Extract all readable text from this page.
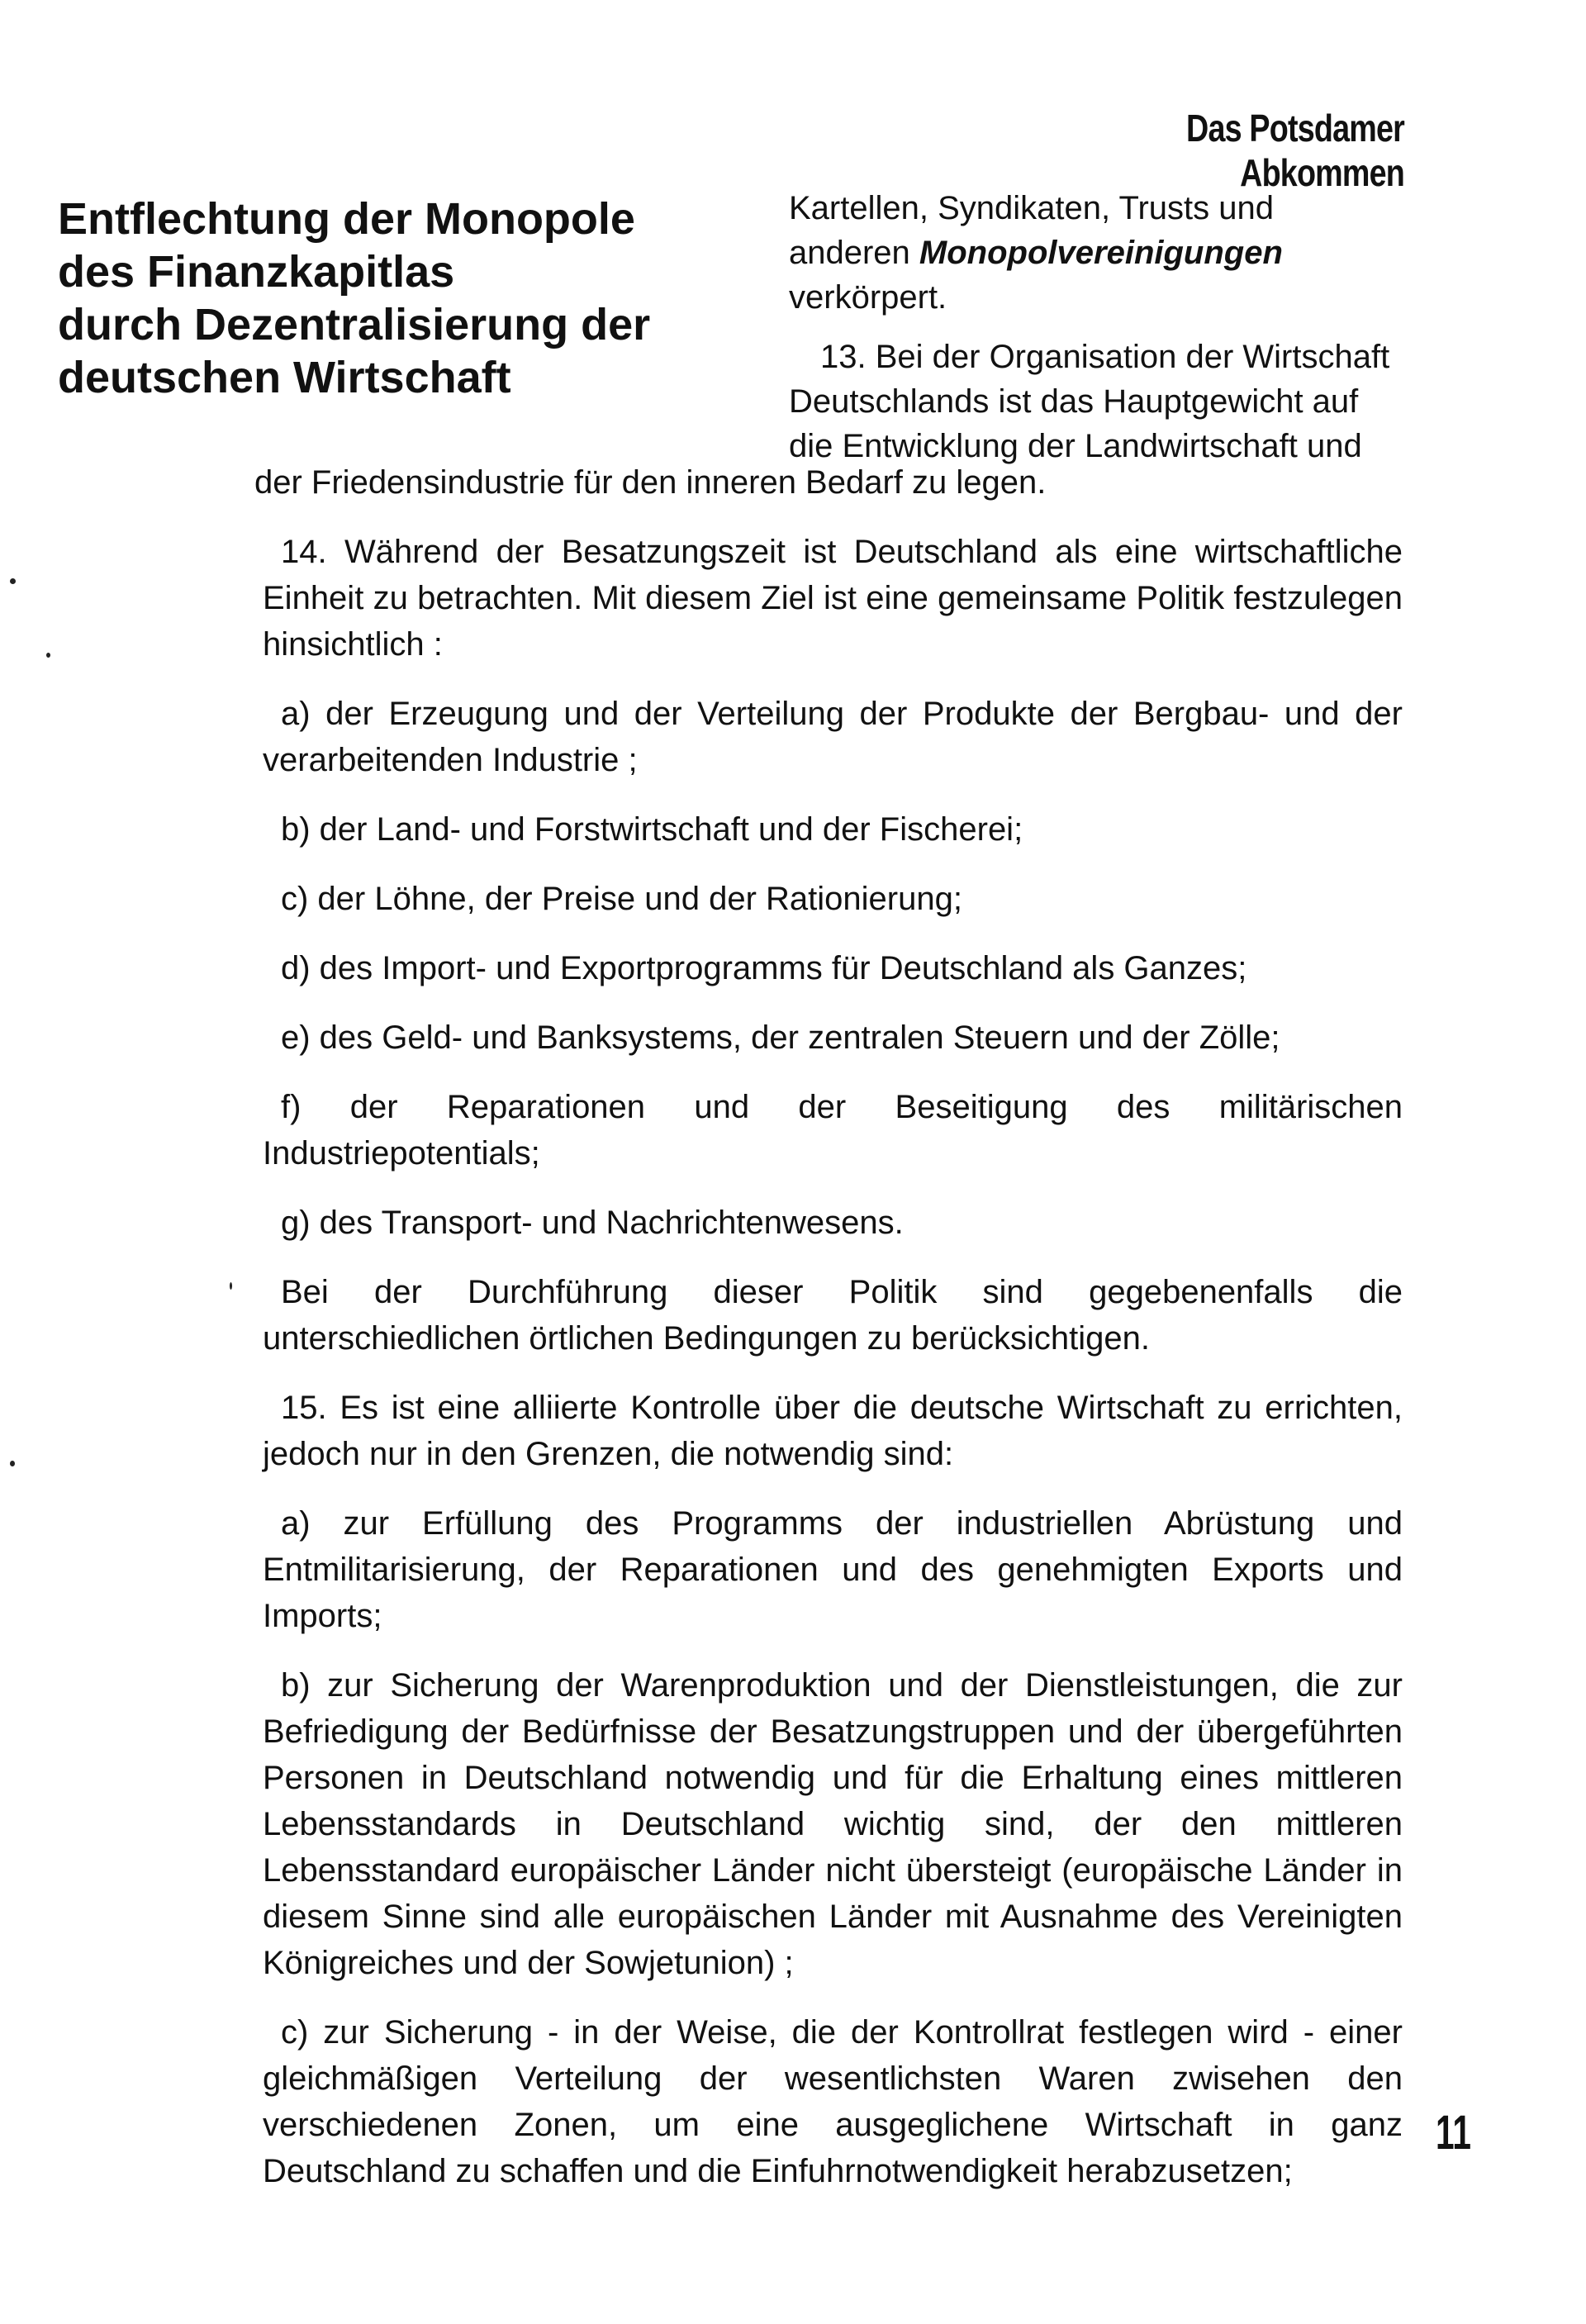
Das Potsdamer Abkommen
Entflechtung der Monopole
des Finanzkapitlas
durch Dezentralisierung der
deutschen Wirtschaft

Kartellen, Syndikaten, Trusts und anderen Monopolvereinigungen verkörpert.

13. Bei der Organisation der Wirtschaft Deutschlands ist das Hauptgewicht auf die Entwicklung der Landwirtschaft und

der Friedensindustrie für den inneren Bedarf zu legen.

14. Während der Besatzungszeit ist Deutschland als eine wirtschaftliche Einheit zu betrachten. Mit diesem Ziel ist eine gemeinsame Politik festzulegen hinsichtlich :

a) der Erzeugung und der Verteilung der Produkte der Bergbau- und der verarbeitenden Industrie ;

b) der Land- und Forstwirtschaft und der Fischerei;

c) der Löhne, der Preise und der Rationierung;

d) des Import- und Exportprogramms für Deutschland als Ganzes;

e) des Geld- und Banksystems, der zentralen Steuern und der Zölle;

f) der Reparationen und der Beseitigung des militärischen Industriepotentials;

g) des Transport- und Nachrichtenwesens.

Bei der Durchführung dieser Politik sind gegebenenfalls die unterschiedlichen örtlichen Bedingungen zu berücksichtigen.

15. Es ist eine alliierte Kontrolle über die deutsche Wirtschaft zu errichten, jedoch nur in den Grenzen, die notwendig sind:

a) zur Erfüllung des Programms der industriellen Abrüstung und Entmilitarisierung, der Reparationen und des genehmigten Exports und Imports;

b) zur Sicherung der Warenproduktion und der Dienstleistungen, die zur Befriedigung der Bedürfnisse der Besatzungstruppen und der übergeführten Personen in Deutschland notwendig und für die Erhaltung eines mittleren Lebensstandards in Deutschland wichtig sind, der den mittleren Lebensstandard europäischer Länder nicht übersteigt (europäische Länder in diesem Sinne sind alle europäischen Länder mit Ausnahme des Vereinigten Königreiches und der Sowjetunion) ;

c) zur Sicherung - in der Weise, die der Kontrollrat festlegen wird - einer gleichmäßigen Verteilung der wesentlichsten Waren zwisehen den verschiedenen Zonen, um eine ausgeglichene Wirtschaft in ganz Deutschland zu schaffen und die Einfuhrnotwendigkeit herabzusetzen;

11
